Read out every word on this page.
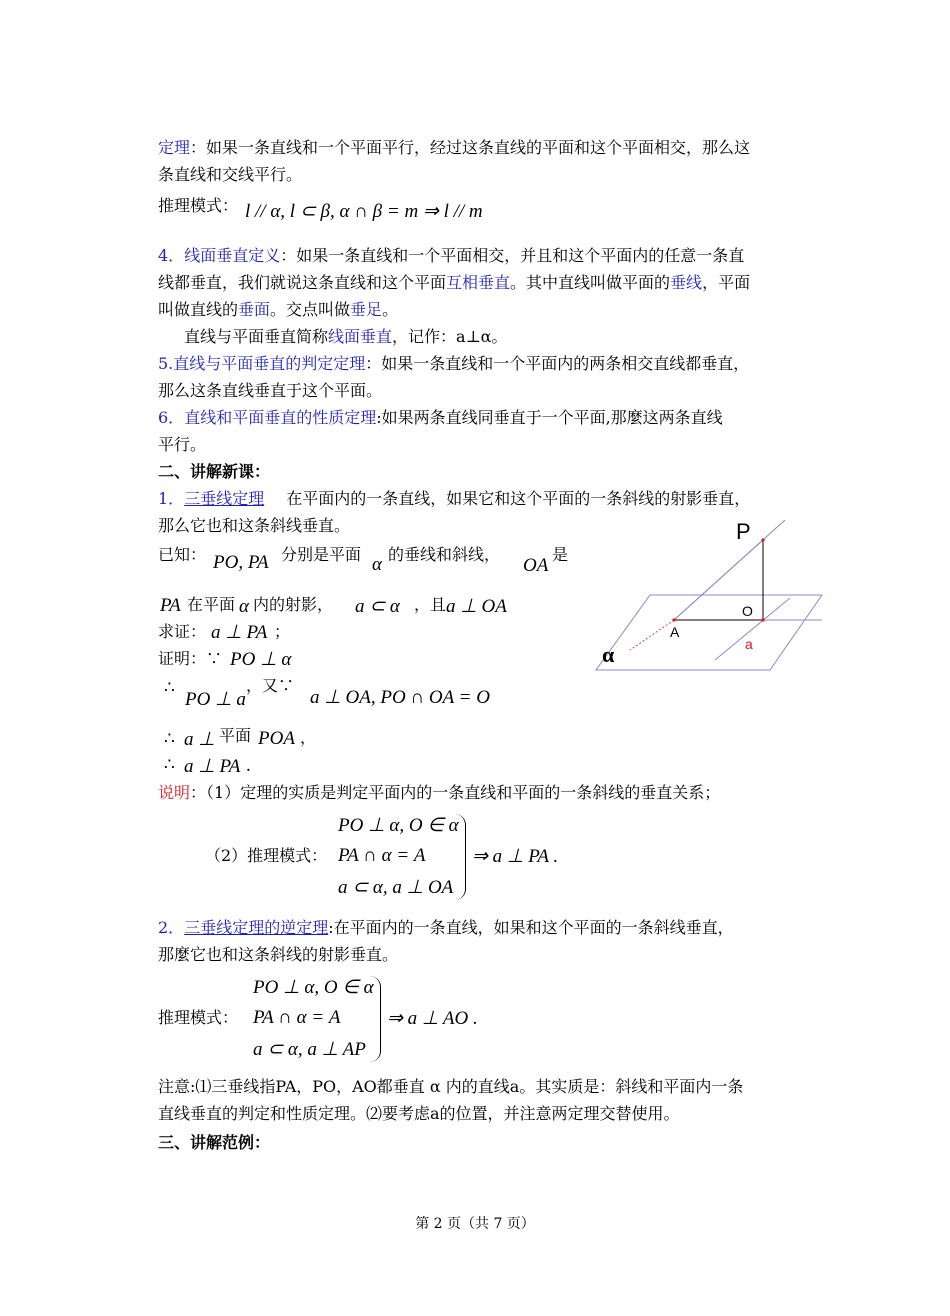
定理：如果一条直线和一个平面平行，经过这条直线的平面和这个平面相交，那么这
条直线和交线平行。
推理模式： l // α, l ⊂ β, α ∩ β = m ⇒ l // m
4．线面垂直定义：如果一条直线和一个平面相交，并且和这个平面内的任意一条直
线都垂直，我们就说这条直线和这个平面互相垂直。其中直线叫做平面的垂线，平面
叫做直线的垂面。交点叫做垂足。
直线与平面垂直简称线面垂直，记作：a⊥α。
5.直线与平面垂直的判定定理：如果一条直线和一个平面内的两条相交直线都垂直，
那么这条直线垂直于这个平面。
6．直线和平面垂直的性质定理:如果两条直线同垂直于一个平面,那麼这两条直线
平行。
二、讲解新课：
1．三垂线定理 在平面内的一条直线，如果它和这个平面的一条斜线的射影垂直，
那么它也和这条斜线垂直。
已知： PO, PA 分别是平面 α 的垂线和斜线，
OA
是
PA 在平面 α 内的射影， a ⊂ α ，且 a ⊥ OA
求证： a ⊥ PA ；
证明：∵ PO ⊥ α
∴
PO ⊥ a
，又∵
a ⊥ OA, PO ∩ OA = O
∴ a ⊥ 平面 POA ，
∴ a ⊥ PA .
说明：（1）定理的实质是判定平面内的一条直线和平面的一条斜线的垂直关系；
（2）推理模式：
PO ⊥ α, O ∈ α
PA ∩ α = A
a ⊂ α, a ⊥ OA
⇒ a ⊥ PA .
2．三垂线定理的逆定理:在平面内的一条直线，如果和这个平面的一条斜线垂直，
那麼它也和这条斜线的射影垂直。
推理模式：
PO ⊥ α, O ∈ α
PA ∩ α = A
a ⊂ α, a ⊥ AP
⇒ a ⊥ AO .
注意:⑴三垂线指PA，PO，AO都垂直 α 内的直线a。其实质是：斜线和平面内一条
直线垂直的判定和性质定理。⑵要考虑a的位置，并注意两定理交替使用。
三、讲解范例：
P
O
A
a
α
第 2 页（共 7 页）
